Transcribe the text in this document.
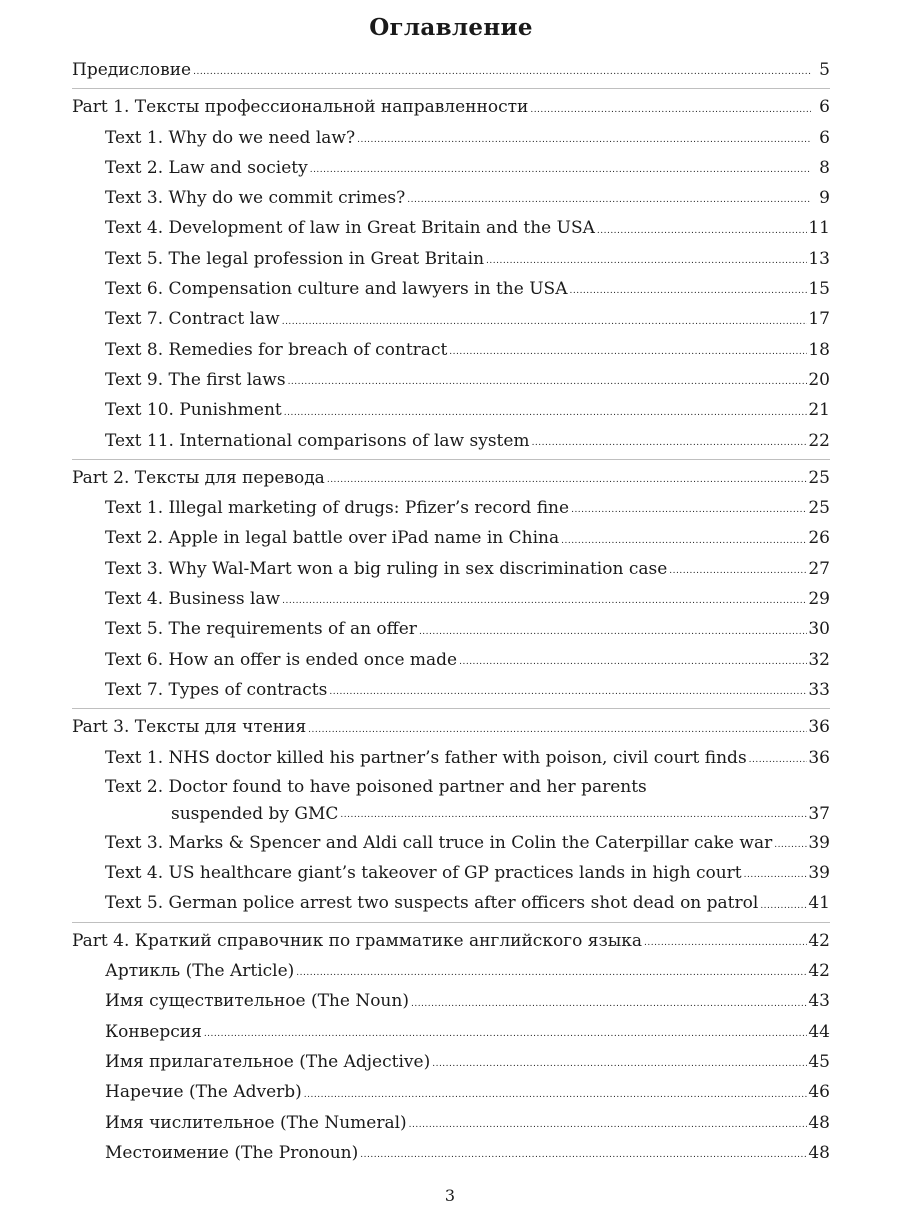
Оглавление
Предисловие .....	5
Part 1. Тексты профессиональной направленности .....	6
Text 1. Why do we need law? .....	6
Text 2. Law and society .....	8
Text 3. Why do we commit crimes? .....	9
Text 4. Development of law in Great Britain and the USA .....	11
Text 5. The legal profession in Great Britain .....	13
Text 6. Compensation culture and lawyers in the USA .....	15
Text 7. Contract law .....	17
Text 8. Remedies for breach of contract .....	18
Text 9. The first laws .....	20
Text 10. Punishment .....	21
Text 11. International comparisons of law system .....	22
Part 2. Тексты для перевода .....	25
Text 1. Illegal marketing of drugs: Pfizer’s record fine .....	25
Text 2. Apple in legal battle over iPad name in China .....	26
Text 3. Why Wal-Mart won a big ruling in sex discrimination case .....	27
Text 4. Business law .....	29
Text 5. The requirements of an offer .....	30
Text 6. How an offer is ended once made .....	32
Text 7. Types of contracts .....	33
Part 3. Тексты для чтения .....	36
Text 1. NHS doctor killed his partner’s father with poison, civil court finds .....	36
Text 2. Doctor found to have poisoned partner and her parents
suspended by GMC .....	37
Text 3. Marks & Spencer and Aldi call truce in Colin the Caterpillar cake war ..... 39
Text 4. US healthcare giant’s takeover of GP practices lands in high court .....	39
Text 5. German police arrest two suspects after officers shot dead on patrol .....	41
Part 4. Краткий справочник по грамматике английского языка .....	42
Артикль (The Article) .....	42
Имя существительное (The Noun) .....	43
Конверсия .....	44
Имя прилагательное (The Adjective) .....	45
Наречие (The Adverb) .....	46
Имя числительное (The Numeral) .....	48
Местоимение (The Pronoun) .....	48
3
